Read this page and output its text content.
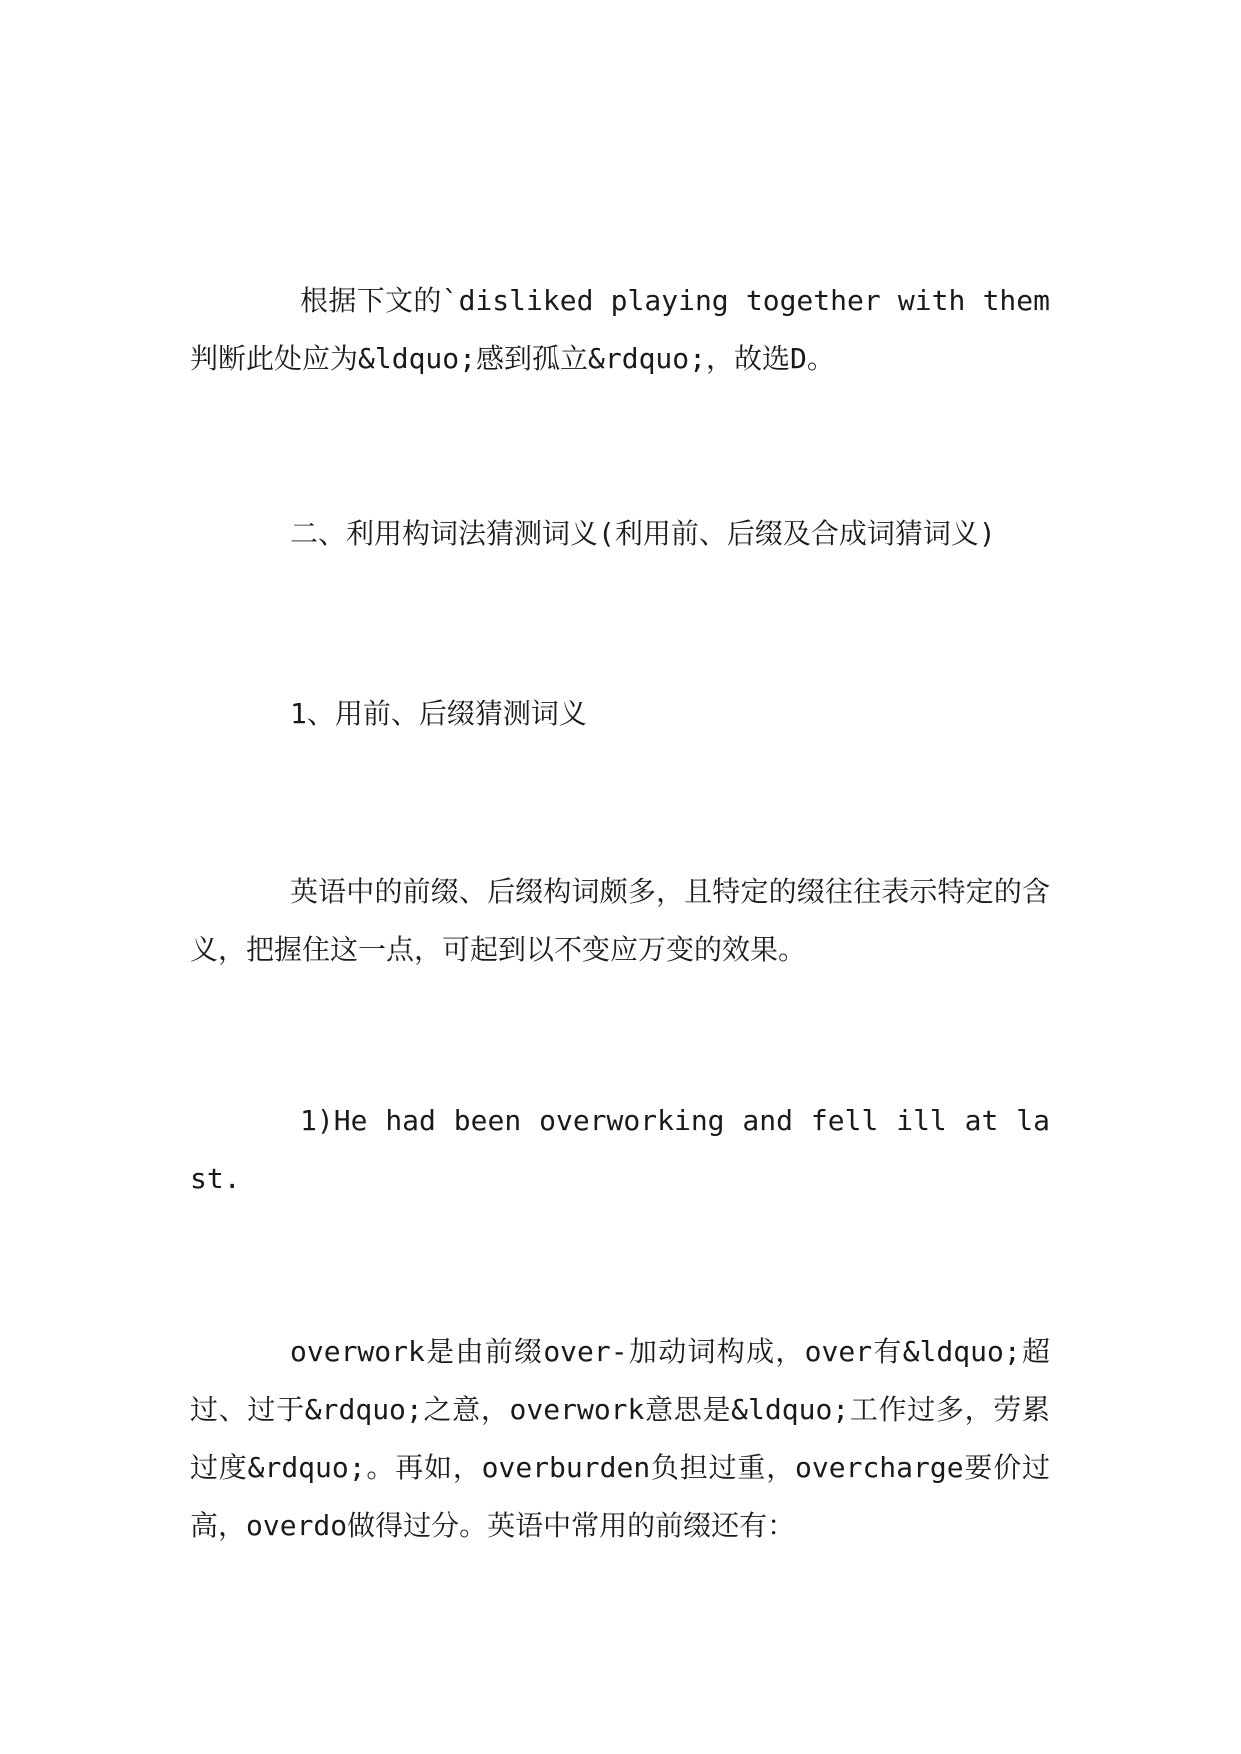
根据下文的`disliked playing together with them判断此处应为&ldquo;感到孤立&rdquo;，故选D。

二、利用构词法猜测词义(利用前、后缀及合成词猜词义)

1、用前、后缀猜测词义

英语中的前缀、后缀构词颇多，且特定的缀往往表示特定的含义，把握住这一点，可起到以不变应万变的效果。

1)He had been overworking and fell ill at last.

overwork是由前缀over-加动词构成，over有&ldquo;超过、过于&rdquo;之意，overwork意思是&ldquo;工作过多，劳累过度&rdquo;。再如，overburden负担过重，overcharge要价过高，overdo做得过分。英语中常用的前缀还有：
